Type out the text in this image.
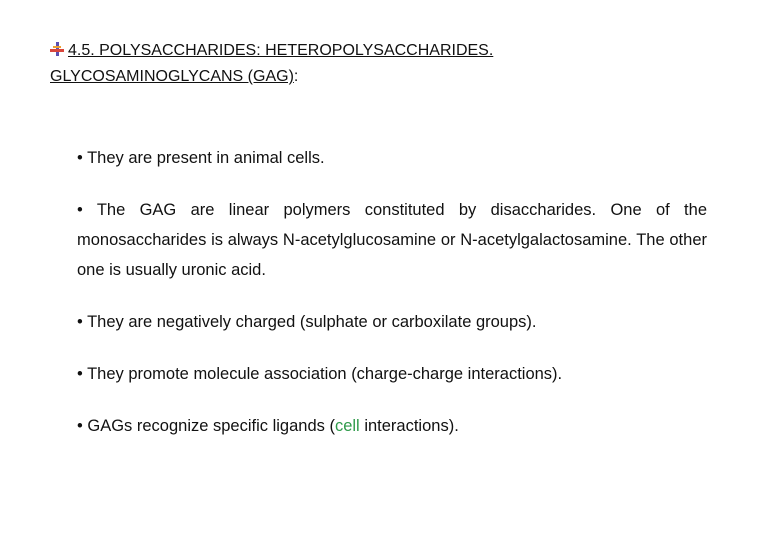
4.5. POLYSACCHARIDES: HETEROPOLYSACCHARIDES.
GLYCOSAMINOGLYCANS (GAG):

• They are present in animal cells.

• The GAG are linear polymers constituted by disaccharides. One of the monosaccharides is always N-acetylglucosamine or N-acetylgalactosamine. The other one is usually uronic acid.

• They are negatively charged (sulphate or carboxilate groups).

• They promote molecule association (charge-charge interactions).

• GAGs recognize specific ligands (cell interactions).
